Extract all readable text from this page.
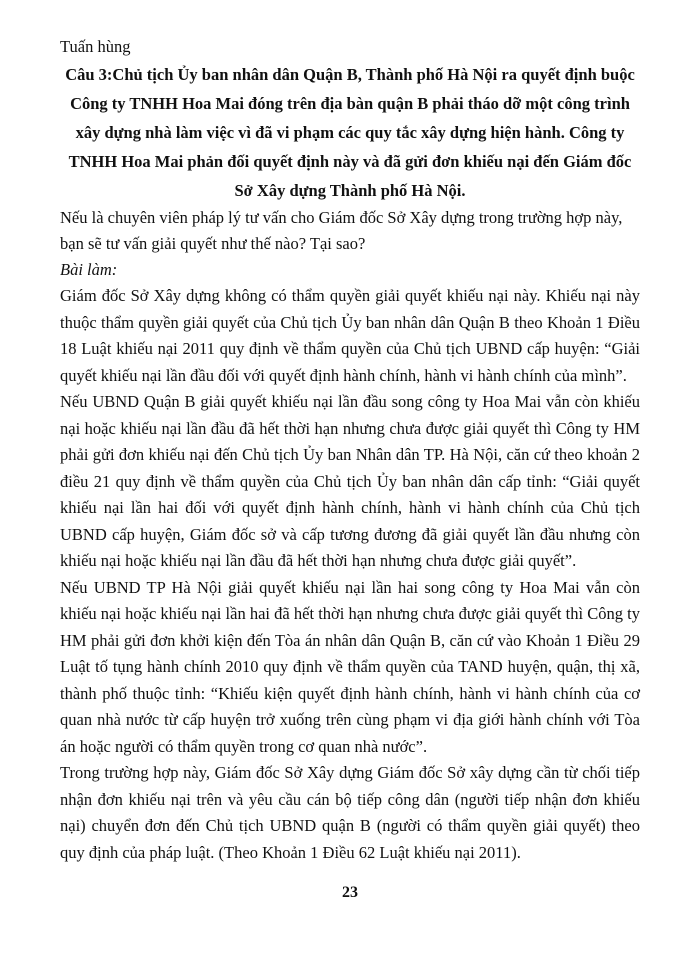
Tuấn hùng

Câu 3:Chủ tịch Ủy ban nhân dân Quận B, Thành phố Hà Nội ra quyết định buộc Công ty TNHH Hoa Mai đóng trên địa bàn quận B phải tháo dỡ một công trình xây dựng nhà làm việc vì đã vi phạm các quy tắc xây dựng hiện hành. Công ty TNHH Hoa Mai phản đối quyết định này và đã gửi đơn khiếu nại đến Giám đốc Sở Xây dựng Thành phố Hà Nội.

Nếu là chuyên viên pháp lý tư vấn cho Giám đốc Sở Xây dựng trong trường hợp này, bạn sẽ tư vấn giải quyết như thế nào? Tại sao?

Bài làm:

Giám đốc Sở Xây dựng không có thẩm quyền giải quyết khiếu nại này. Khiếu nại này thuộc thẩm quyền giải quyết của Chủ tịch Ủy ban nhân dân Quận B theo Khoản 1 Điều 18 Luật khiếu nại 2011 quy định về thẩm quyền của Chủ tịch UBND cấp huyện: “Giải quyết khiếu nại lần đầu đối với quyết định hành chính, hành vi hành chính của mình”.

Nếu UBND Quận B giải quyết khiếu nại lần đầu song công ty Hoa Mai vẫn còn khiếu nại hoặc khiếu nại lần đầu đã hết thời hạn nhưng chưa được giải quyết thì Công ty HM phải gửi đơn khiếu nại đến Chủ tịch Ủy ban Nhân dân TP. Hà Nội, căn cứ theo khoản 2 điều 21 quy định về thẩm quyền của Chủ tịch Ủy ban nhân dân cấp tỉnh: “Giải quyết khiếu nại lần hai đối với quyết định hành chính, hành vi hành chính của Chủ tịch UBND cấp huyện, Giám đốc sở và cấp tương đương đã giải quyết lần đầu nhưng còn khiếu nại hoặc khiếu nại lần đầu đã hết thời hạn nhưng chưa được giải quyết”.

Nếu UBND TP Hà Nội giải quyết khiếu nại lần hai song công ty Hoa Mai vẫn còn khiếu nại hoặc khiếu nại lần hai đã hết thời hạn nhưng chưa được giải quyết thì Công ty HM phải gửi đơn khởi kiện đến Tòa án nhân dân Quận B, căn cứ vào Khoản 1 Điều 29 Luật tố tụng hành chính 2010 quy định về thẩm quyền của TAND huyện, quận, thị xã, thành phố thuộc tỉnh: “Khiếu kiện quyết định hành chính, hành vi hành chính của cơ quan nhà nước từ cấp huyện trở xuống trên cùng phạm vi địa giới hành chính với Tòa án hoặc người có thẩm quyền trong cơ quan nhà nước”.

Trong trường hợp này, Giám đốc Sở Xây dựng Giám đốc Sở xây dựng cần từ chối tiếp nhận đơn khiếu nại trên và yêu cầu cán bộ tiếp công dân (người tiếp nhận đơn khiếu nại) chuyển đơn đến Chủ tịch UBND quận B (người có thẩm quyền giải quyết) theo quy định của pháp luật. (Theo Khoản 1 Điều 62 Luật khiếu nại 2011).

23
